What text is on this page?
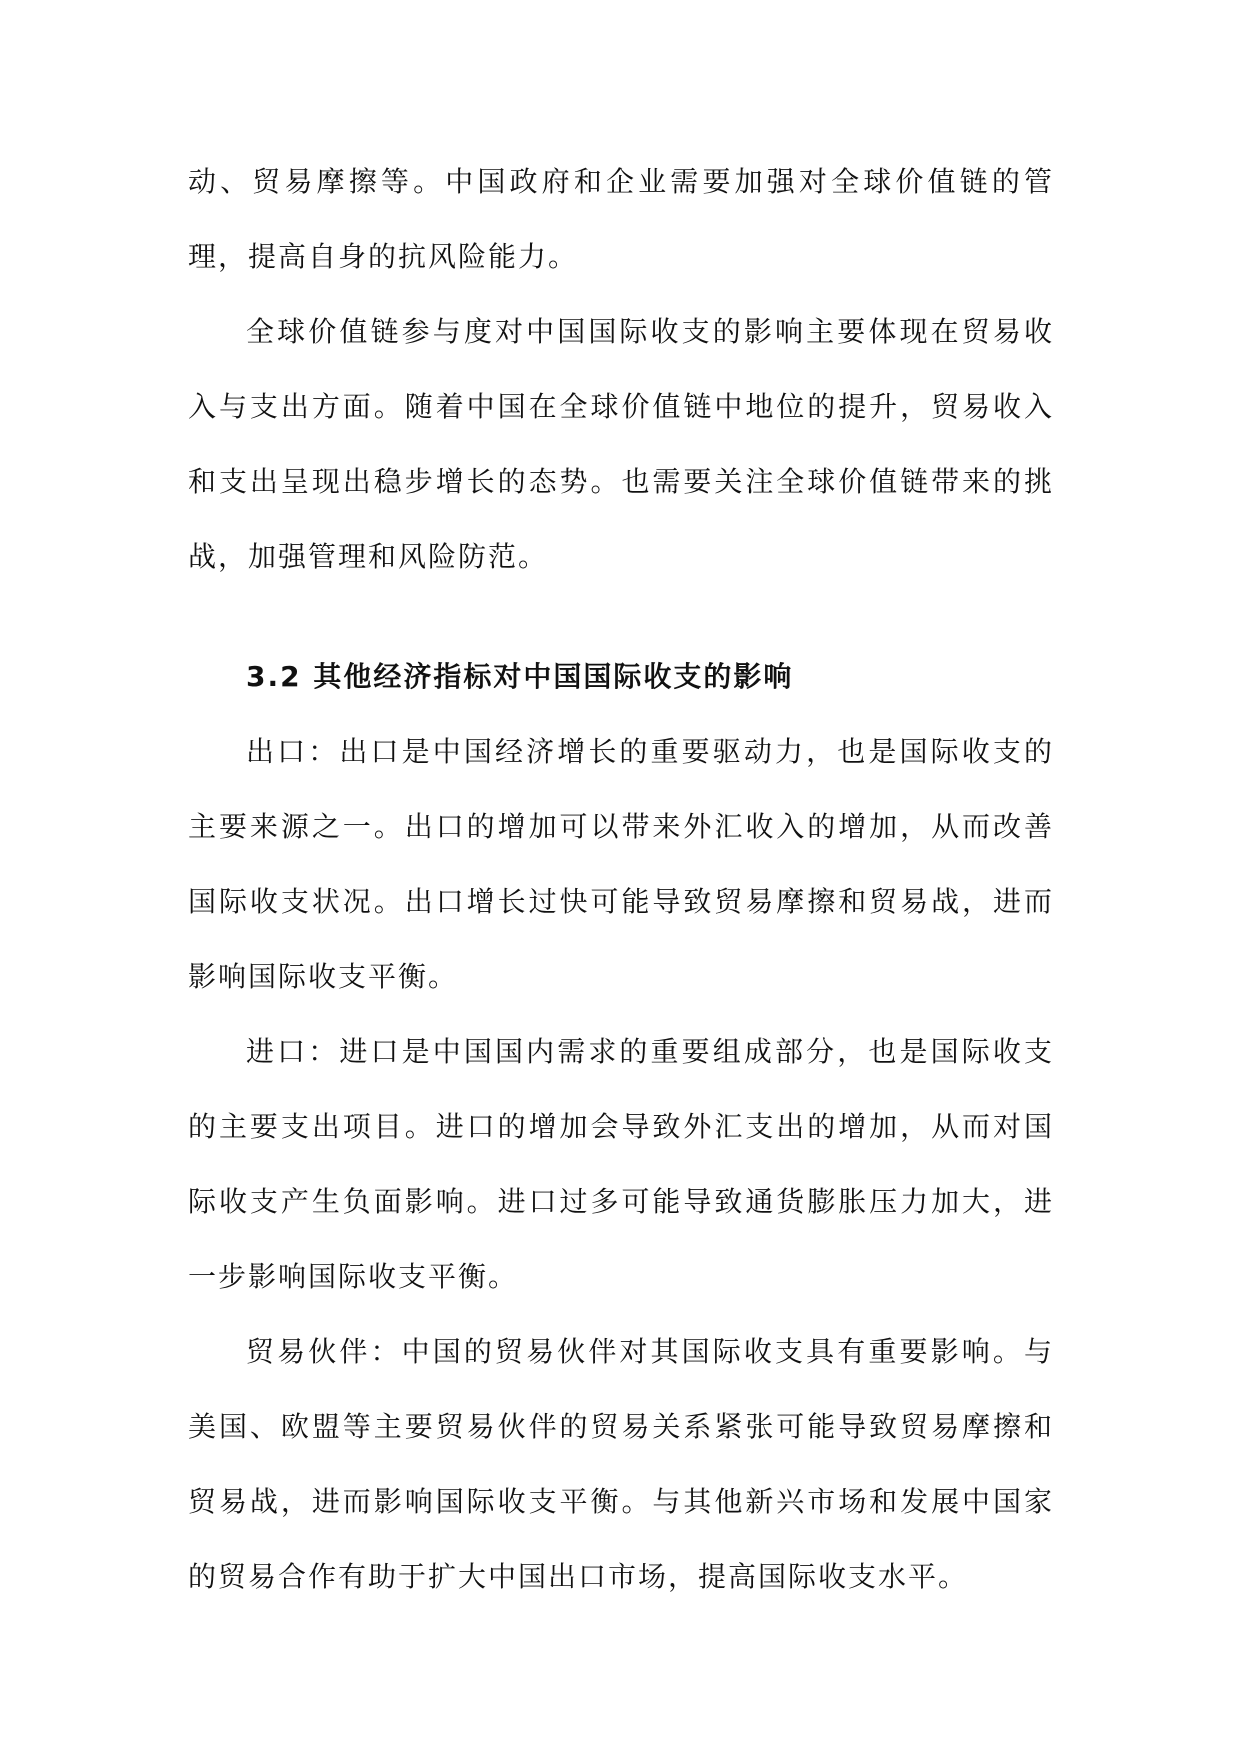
动、贸易摩擦等。中国政府和企业需要加强对全球价值链的管理，提高自身的抗风险能力。

全球价值链参与度对中国国际收支的影响主要体现在贸易收入与支出方面。随着中国在全球价值链中地位的提升，贸易收入和支出呈现出稳步增长的态势。也需要关注全球价值链带来的挑战，加强管理和风险防范。

3.2 其他经济指标对中国国际收支的影响

出口：出口是中国经济增长的重要驱动力，也是国际收支的主要来源之一。出口的增加可以带来外汇收入的增加，从而改善国际收支状况。出口增长过快可能导致贸易摩擦和贸易战，进而影响国际收支平衡。

进口：进口是中国国内需求的重要组成部分，也是国际收支的主要支出项目。进口的增加会导致外汇支出的增加，从而对国际收支产生负面影响。进口过多可能导致通货膨胀压力加大，进一步影响国际收支平衡。

贸易伙伴：中国的贸易伙伴对其国际收支具有重要影响。与美国、欧盟等主要贸易伙伴的贸易关系紧张可能导致贸易摩擦和贸易战，进而影响国际收支平衡。与其他新兴市场和发展中国家的贸易合作有助于扩大中国出口市场，提高国际收支水平。
